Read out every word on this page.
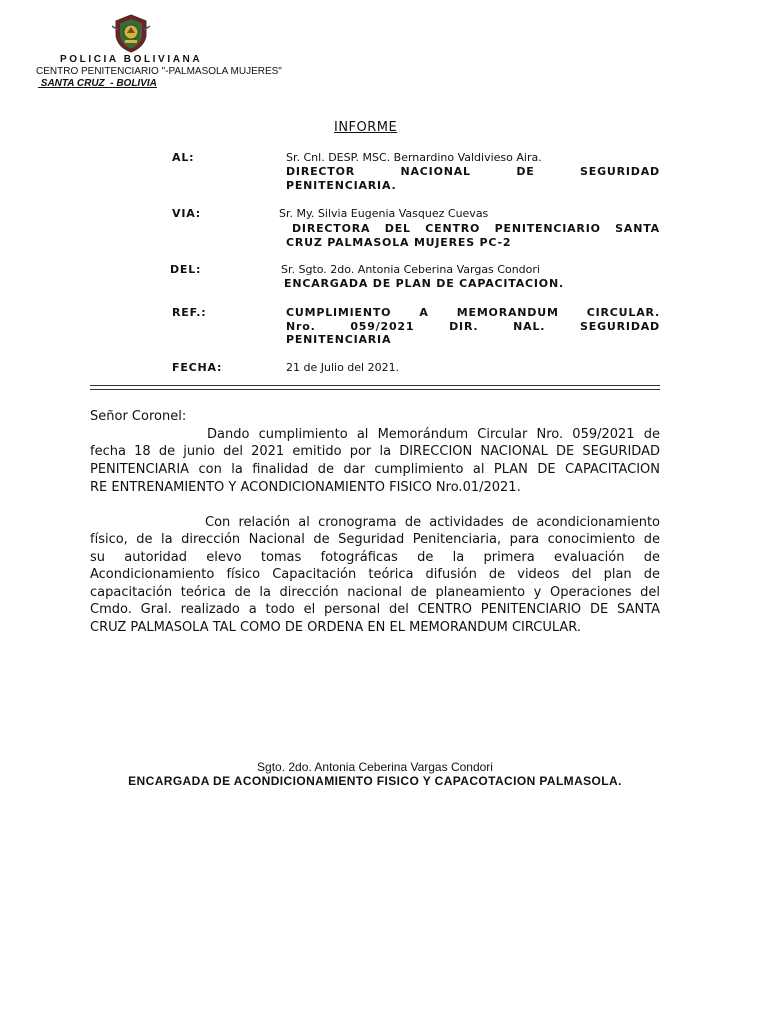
POLICIA BOLIVIANA
CENTRO PENITENCIARIO "-PALMASOLA MUJERES"
SANTA CRUZ  - BOLIVIA
INFORME
AL:	Sr. Cnl. DESP. MSC. Bernardino Valdivieso Aira.
DIRECTOR NACIONAL DE SEGURIDAD
PENITENCIARIA.
VIA:	Sr. My. Silvia Eugenia Vasquez Cuevas
DIRECTORA DEL CENTRO PENITENCIARIO SANTA
CRUZ PALMASOLA MUJERES PC-2
DEL:	Sr. Sgto. 2do. Antonia Ceberina Vargas Condori
ENCARGADA DE PLAN DE CAPACITACION.
REF.:	CUMPLIMIENTO A MEMORANDUM CIRCULAR.
Nro. 059/2021 DIR. NAL. SEGURIDAD
PENITENCIARIA
FECHA:	21 de Julio del 2021.
Señor Coronel:
Dando cumplimiento al Memorándum Circular Nro. 059/2021 de
fecha 18 de junio del 2021 emitido por la DIRECCION NACIONAL DE SEGURIDAD
PENITENCIARIA con la finalidad de dar cumplimiento al PLAN DE CAPACITACION
RE ENTRENAMIENTO Y ACONDICIONAMIENTO FISICO Nro.01/2021.
Con relación al cronograma de actividades de acondicionamiento
físico, de la dirección Nacional de Seguridad Penitenciaria, para conocimiento de
su autoridad elevo tomas fotográficas de la primera evaluación de
Acondicionamiento físico Capacitación teórica difusión de videos del plan de
capacitación teórica de la dirección nacional de planeamiento y Operaciones del
Cmdo. Gral. realizado a todo el personal del CENTRO PENITENCIARIO DE SANTA
CRUZ PALMASOLA TAL COMO DE ORDENA EN EL MEMORANDUM CIRCULAR.
Sgto. 2do. Antonia Ceberina Vargas Condori
ENCARGADA DE ACONDICIONAMIENTO FISICO Y CAPACOTACION PALMASOLA.
